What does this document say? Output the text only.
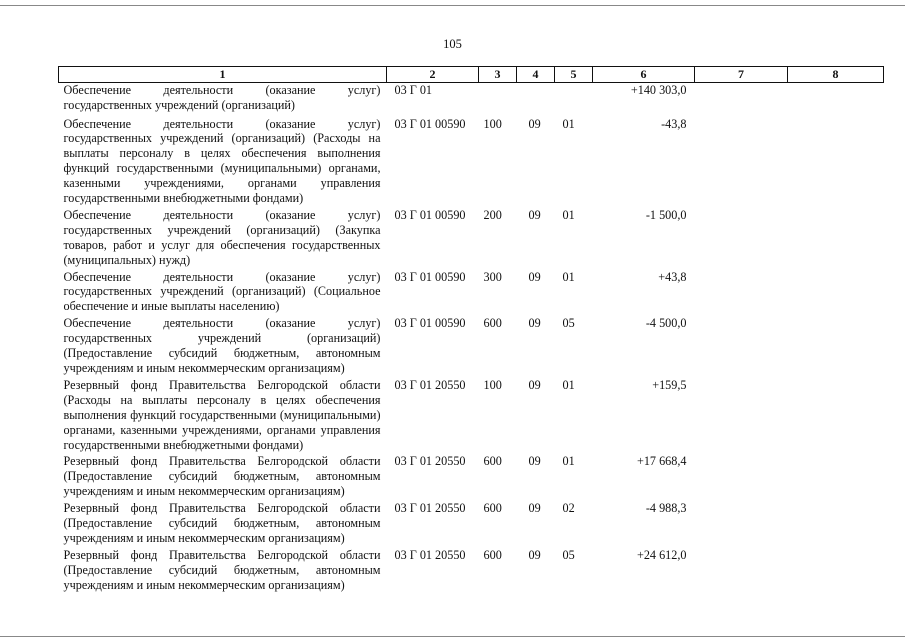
105
1	2	3	4	5	6	7	8
Обеспечение деятельности (оказание услуг) государственных учреждений (организаций)	03 Г 01				+140 303,0		
Обеспечение деятельности (оказание услуг) государственных учреждений (организаций) (Расходы на выплаты персоналу в целях обеспечения выполнения функций государственными (муниципальными) органами, казенными учреждениями, органами управления государственными внебюджетными фондами)	03 Г 01 00590	100	09	01	-43,8		
Обеспечение деятельности (оказание услуг) государственных учреждений (организаций) (Закупка товаров, работ и услуг для обеспечения государственных (муниципальных) нужд)	03 Г 01 00590	200	09	01	-1 500,0		
Обеспечение деятельности (оказание услуг) государственных учреждений (организаций) (Социальное обеспечение и иные выплаты населению)	03 Г 01 00590	300	09	01	+43,8		
Обеспечение деятельности (оказание услуг) государственных учреждений (организаций) (Предоставление субсидий бюджетным, автономным учреждениям и иным некоммерческим организациям)	03 Г 01 00590	600	09	05	-4 500,0		
Резервный фонд Правительства Белгородской области (Расходы на выплаты персоналу в целях обеспечения выполнения функций государственными (муниципальными) органами, казенными учреждениями, органами управления государственными внебюджетными фондами)	03 Г 01 20550	100	09	01	+159,5		
Резервный фонд Правительства Белгородской области (Предоставление субсидий бюджетным, автономным учреждениям и иным некоммерческим организациям)	03 Г 01 20550	600	09	01	+17 668,4		
Резервный фонд Правительства Белгородской области (Предоставление субсидий бюджетным, автономным учреждениям и иным некоммерческим организациям)	03 Г 01 20550	600	09	02	-4 988,3		
Резервный фонд Правительства Белгородской области (Предоставление субсидий бюджетным, автономным учреждениям и иным некоммерческим организациям)	03 Г 01 20550	600	09	05	+24 612,0		
